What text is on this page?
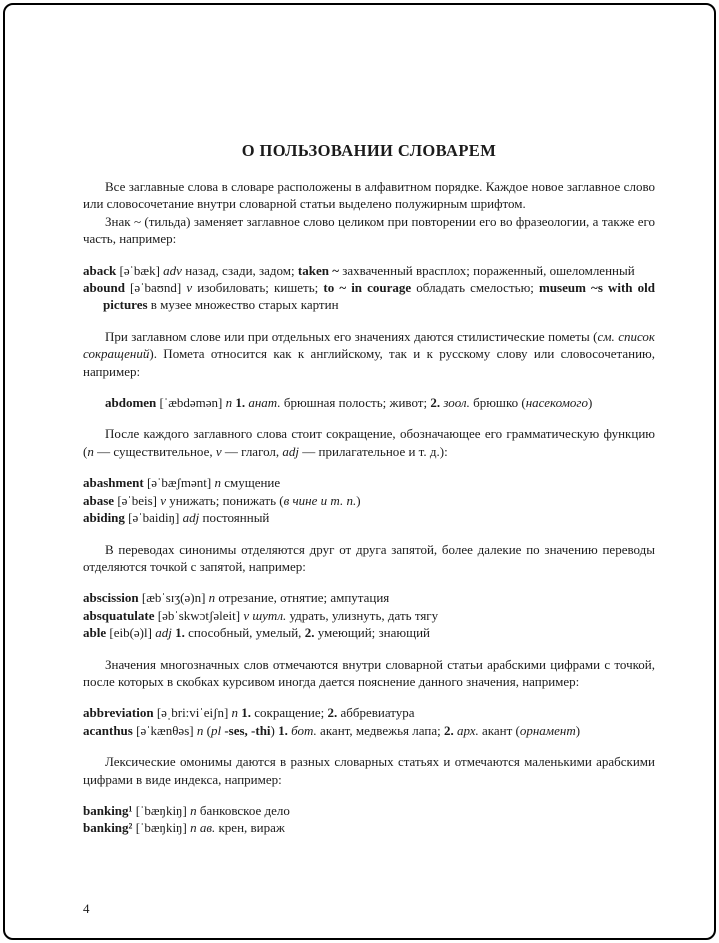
О ПОЛЬЗОВАНИИ СЛОВАРЕМ

Все заглавные слова в словаре расположены в алфавитном порядке. Каждое новое заглавное слово или словосочетание внутри словарной статьи выделено полужирным шрифтом.

Знак ~ (тильда) заменяет заглавное слово целиком при повторении его во фразеологии, а также его часть, например:

aback [əˈbæk] adv назад, сзади, задом; taken ~ захваченный врасплох; пораженный, ошеломленный

abound [əˈbaʊnd] v изобиловать; кишеть; to ~ in courage обладать смелостью; museum ~s with old pictures в музее множество старых картин

При заглавном слове или при отдельных его значениях даются стилистические пометы (см. список сокращений). Помета относится как к английскому, так и к русскому слову или словосочетанию, например:

abdomen [ˈæbdəmən] n 1. анат. брюшная полость; живот; 2. зоол. брюшко (насекомого)

После каждого заглавного слова стоит сокращение, обозначающее его грамматическую функцию (n — существительное, v — глагол, adj — прилагательное и т. д.):

abashment [əˈbæʃmənt] n смущение

abase [əˈbeis] v унижать; понижать (в чине и т. п.)

abiding [əˈbaidiŋ] adj постоянный

В переводах синонимы отделяются друг от друга запятой, более далекие по значению переводы отделяются точкой с запятой, например:

abscission [æbˈsɪʒ(ə)n] n отрезание, отнятие; ампутация

absquatulate [əbˈskwɔtʃəleit] v шутл. удрать, улизнуть, дать тягу

able [eib(ə)l] adj 1. способный, умелый, 2. умеющий; знающий

Значения многозначных слов отмечаются внутри словарной статьи арабскими цифрами с точкой, после которых в скобках курсивом иногда дается пояснение данного значения, например:

abbreviation [əˌbri:viˈeiʃn] n 1. сокращение; 2. аббревиатура

acanthus [əˈkænθəs] n (pl -ses, -thi) 1. бот. акант, медвежья лапа; 2. арх. акант (орнамент)

Лексические омонимы даются в разных словарных статьях и отмечаются маленькими арабскими цифрами в виде индекса, например:

banking¹ [ˈbæŋkiŋ] n банковское дело

banking² [ˈbæŋkiŋ] n ав. крен, вираж

4
